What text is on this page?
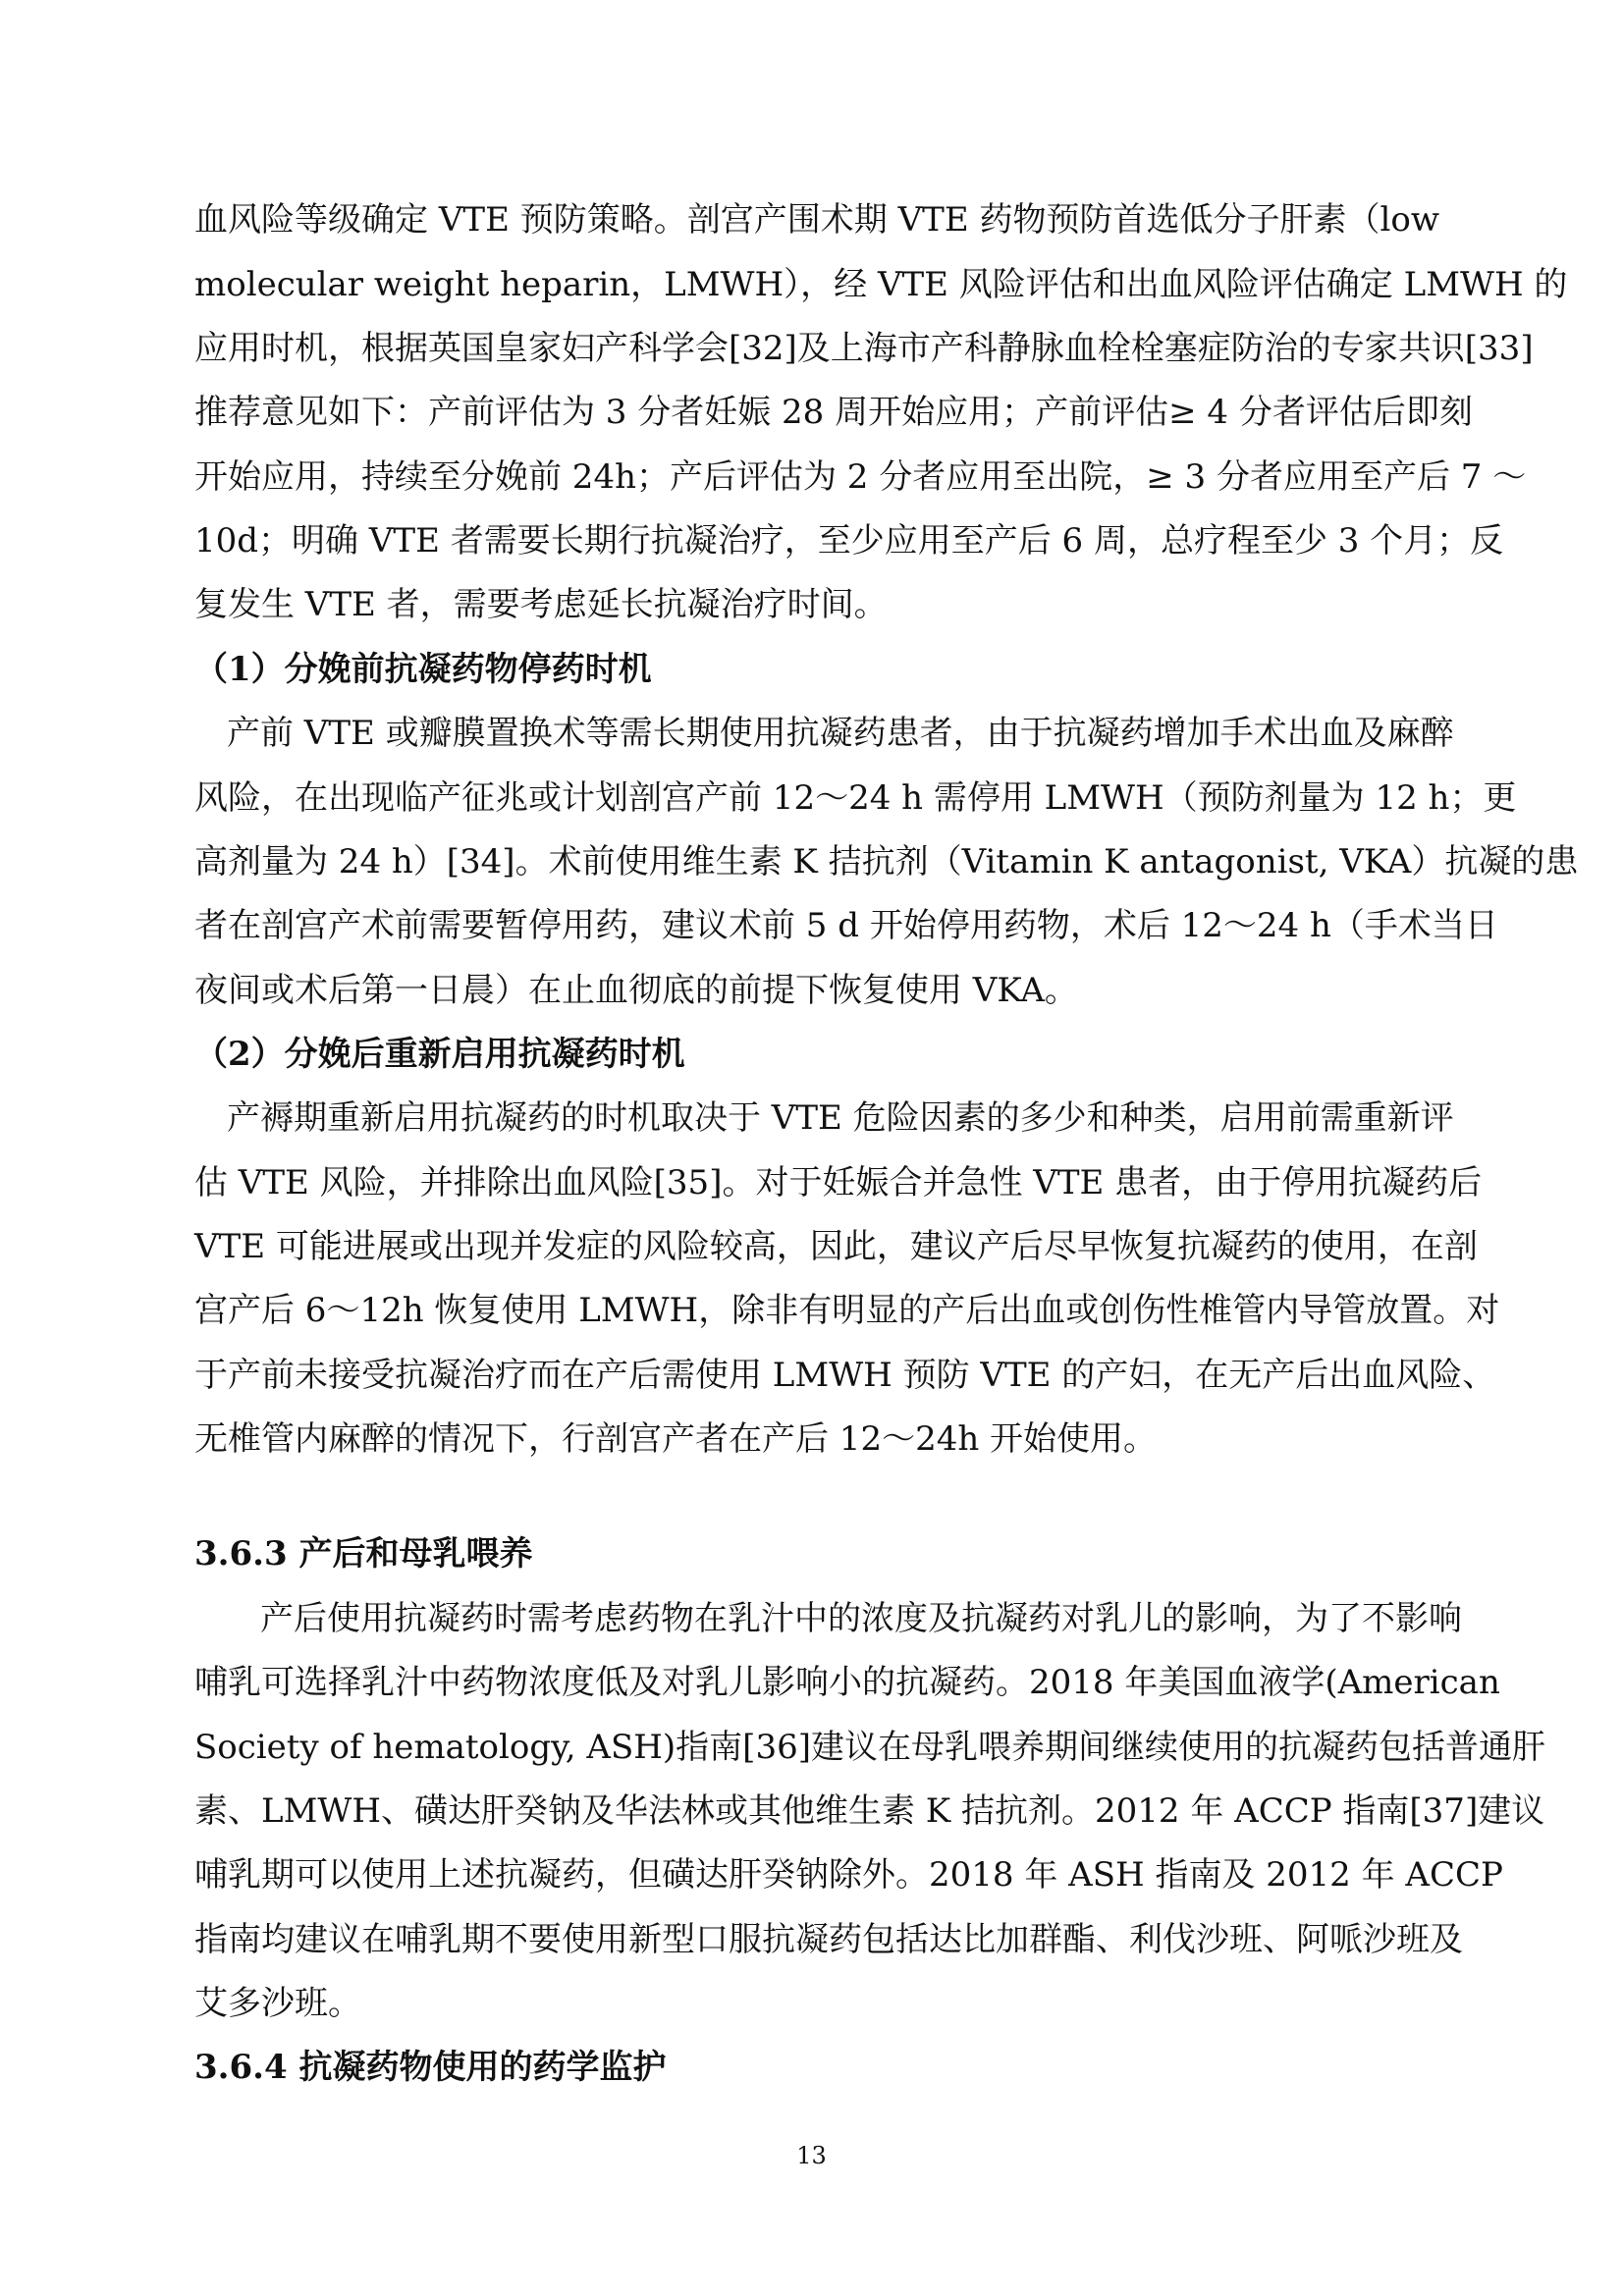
血风险等级确定 VTE 预防策略。剖宫产围术期 VTE 药物预防首选低分子肝素（low
molecular weight heparin，LMWH），经 VTE 风险评估和出血风险评估确定 LMWH 的
应用时机，根据英国皇家妇产科学会[32]及上海市产科静脉血栓栓塞症防治的专家共识[33]
推荐意见如下：产前评估为 3 分者妊娠 28 周开始应用；产前评估≥ 4 分者评估后即刻
开始应用，持续至分娩前 24h；产后评估为 2 分者应用至出院，≥ 3 分者应用至产后 7 ～
10d；明确 VTE 者需要长期行抗凝治疗，至少应用至产后 6 周，总疗程至少 3 个月；反
复发生 VTE 者，需要考虑延长抗凝治疗时间。
（1）分娩前抗凝药物停药时机
产前 VTE 或瓣膜置换术等需长期使用抗凝药患者，由于抗凝药增加手术出血及麻醉
风险，在出现临产征兆或计划剖宫产前 12～24 h 需停用 LMWH（预防剂量为 12 h；更
高剂量为 24 h）[34]。术前使用维生素 K 拮抗剂（Vitamin K antagonist, VKA）抗凝的患
者在剖宫产术前需要暂停用药，建议术前 5 d 开始停用药物，术后 12～24 h（手术当日
夜间或术后第一日晨）在止血彻底的前提下恢复使用 VKA。
（2）分娩后重新启用抗凝药时机
产褥期重新启用抗凝药的时机取决于 VTE 危险因素的多少和种类，启用前需重新评
估 VTE 风险，并排除出血风险[35]。对于妊娠合并急性 VTE 患者，由于停用抗凝药后
VTE 可能进展或出现并发症的风险较高，因此，建议产后尽早恢复抗凝药的使用，在剖
宫产后 6～12h 恢复使用 LMWH，除非有明显的产后出血或创伤性椎管内导管放置。对
于产前未接受抗凝治疗而在产后需使用 LMWH 预防 VTE 的产妇，在无产后出血风险、
无椎管内麻醉的情况下，行剖宫产者在产后 12～24h 开始使用。
3.6.3 产后和母乳喂养
产后使用抗凝药时需考虑药物在乳汁中的浓度及抗凝药对乳儿的影响，为了不影响
哺乳可选择乳汁中药物浓度低及对乳儿影响小的抗凝药。2018 年美国血液学(American
Society of hematology, ASH)指南[36]建议在母乳喂养期间继续使用的抗凝药包括普通肝
素、LMWH、磺达肝癸钠及华法林或其他维生素 K 拮抗剂。2012 年 ACCP 指南[37]建议
哺乳期可以使用上述抗凝药，但磺达肝癸钠除外。2018 年 ASH 指南及 2012 年 ACCP
指南均建议在哺乳期不要使用新型口服抗凝药包括达比加群酯、利伐沙班、阿哌沙班及
艾多沙班。
3.6.4 抗凝药物使用的药学监护
13
